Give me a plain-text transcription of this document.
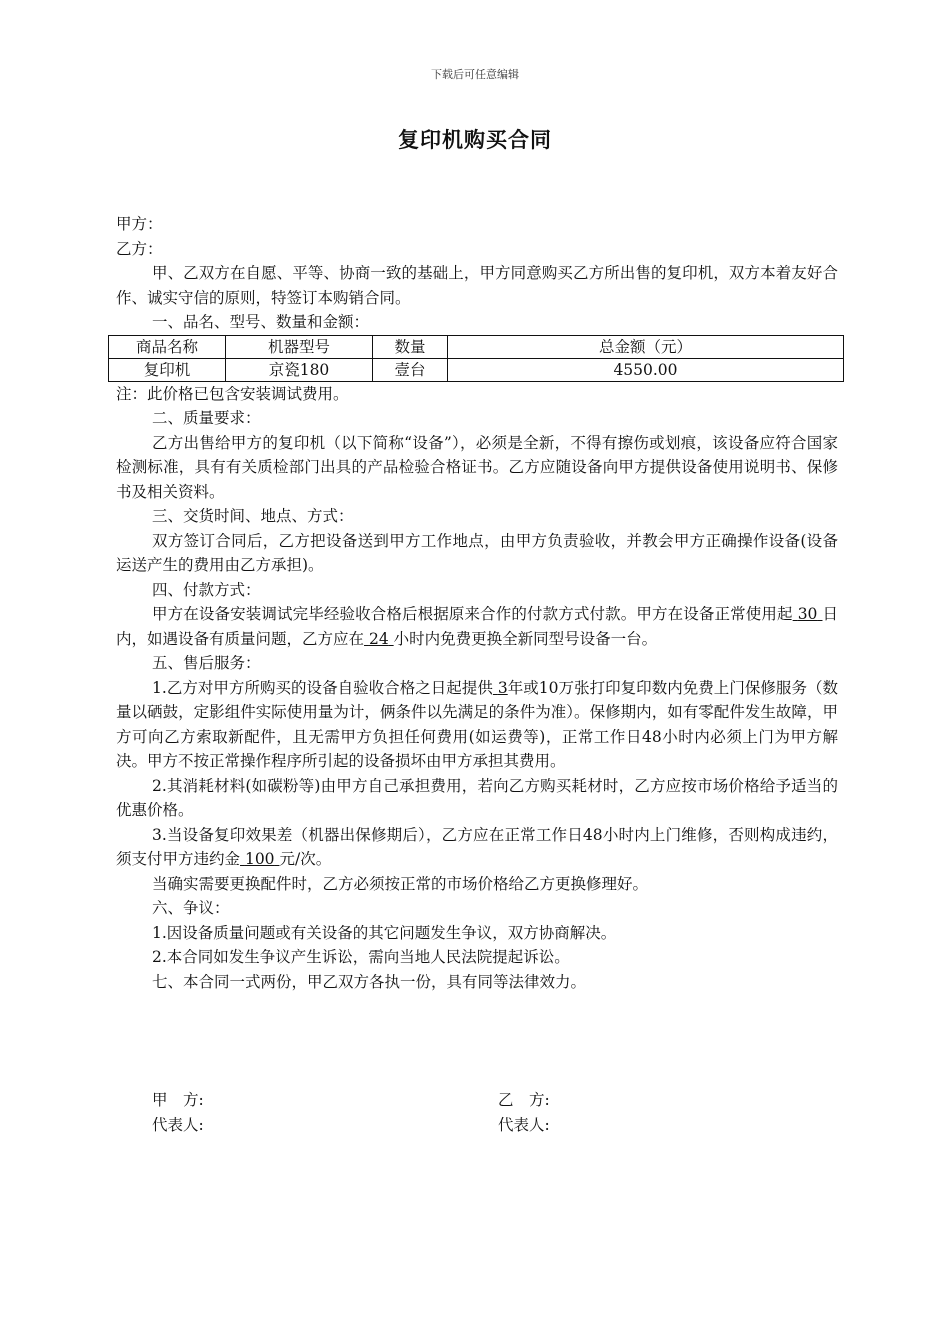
下载后可任意编辑
复印机购买合同

甲方：

乙方：

甲、乙双方在自愿、平等、协商一致的基础上，甲方同意购买乙方所出售的复印机，双方本着友好合作、诚实守信的原则，特签订本购销合同。

一、品名、型号、数量和金额：

商品名称	机器型号	数量	总金额（元）
复印机	京瓷180	壹台	4550.00

注：此价格已包含安装调试费用。

二、质量要求：

乙方出售给甲方的复印机（以下简称“设备”），必须是全新，不得有擦伤或划痕，该设备应符合国家检测标准，具有有关质检部门出具的产品检验合格证书。乙方应随设备向甲方提供设备使用说明书、保修书及相关资料。

三、交货时间、地点、方式：

双方签订合同后，乙方把设备送到甲方工作地点，由甲方负责验收，并教会甲方正确操作设备(设备运送产生的费用由乙方承担)。

四、付款方式：

甲方在设备安装调试完毕经验收合格后根据原来合作的付款方式付款。甲方在设备正常使用起 30 日内，如遇设备有质量问题，乙方应在 24 小时内免费更换全新同型号设备一台。

五、售后服务：

1.乙方对甲方所购买的设备自验收合格之日起提供 3年或10万张打印复印数内免费上门保修服务（数量以硒鼓，定影组件实际使用量为计，俩条件以先满足的条件为准）。保修期内，如有零配件发生故障，甲方可向乙方索取新配件，且无需甲方负担任何费用(如运费等)，正常工作日48小时内必须上门为甲方解决。甲方不按正常操作程序所引起的设备损坏由甲方承担其费用。

2.其消耗材料(如碳粉等)由甲方自己承担费用，若向乙方购买耗材时，乙方应按市场价格给予适当的优惠价格。

3.当设备复印效果差（机器出保修期后），乙方应在正常工作日48小时内上门维修，否则构成违约，须支付甲方违约金 100 元/次。

当确实需要更换配件时，乙方必须按正常的市场价格给乙方更换修理好。

六、争议：

1.因设备质量问题或有关设备的其它问题发生争议，双方协商解决。

2.本合同如发生争议产生诉讼，需向当地人民法院提起诉讼。

七、本合同一式两份，甲乙双方各执一份，具有同等法律效力。

甲　方:	乙　方:
代表人:	代表人:
